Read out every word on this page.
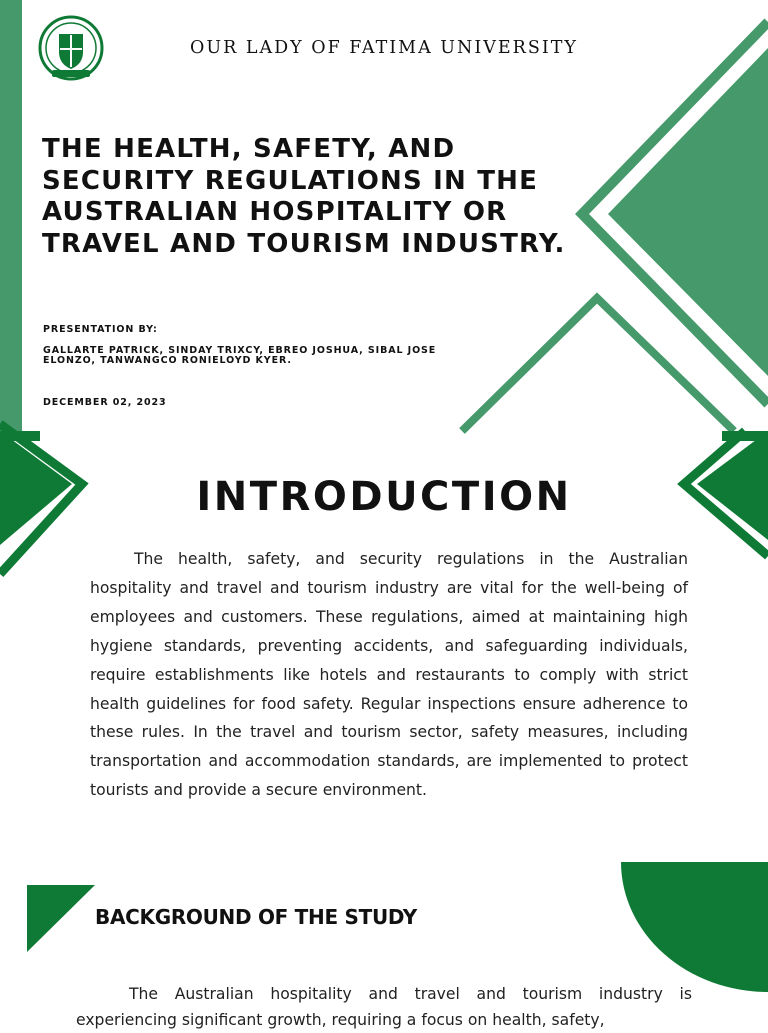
OUR LADY OF FATIMA UNIVERSITY
THE HEALTH, SAFETY, AND SECURITY REGULATIONS IN THE AUSTRALIAN HOSPITALITY OR TRAVEL AND TOURISM INDUSTRY.
PRESENTATION BY:
GALLARTE PATRICK, SINDAY TRIXCY, EBREO JOSHUA, SIBAL JOSE ELONZO, TANWANGCO RONIELOYD KYER.
DECEMBER 02, 2023
INTRODUCTION

The health, safety, and security regulations in the Australian hospitality and travel and tourism industry are vital for the well-being of employees and customers. These regulations, aimed at maintaining high hygiene standards, preventing accidents, and safeguarding individuals, require establishments like hotels and restaurants to comply with strict health guidelines for food safety. Regular inspections ensure adherence to these rules. In the travel and tourism sector, safety measures, including transportation and accommodation standards, are implemented to protect tourists and provide a secure environment.

BACKGROUND OF THE STUDY

The Australian hospitality and travel and tourism industry is experiencing significant growth, requiring a focus on health, safety,
